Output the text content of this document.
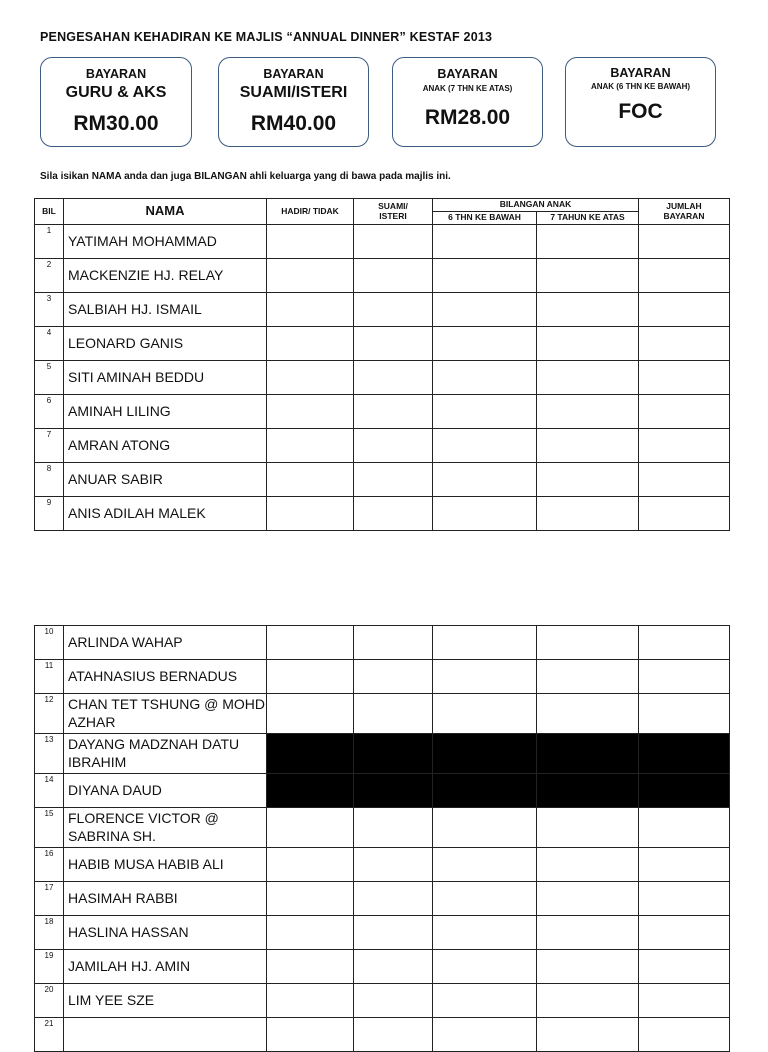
PENGESAHAN KEHADIRAN KE MAJLIS “ANNUAL DINNER” KESTAF 2013
BAYARAN
GURU & AKS
RM30.00
BAYARAN
SUAMI/ISTERI
RM40.00
BAYARAN
ANAK (7 THN KE ATAS)
RM28.00
BAYARAN
ANAK (6 THN KE BAWAH)
FOC
Sila isikan NAMA anda dan juga BILANGAN ahli keluarga yang di bawa pada majlis ini.
BIL	NAMA	HADIR/ TIDAK	SUAMI/ ISTERI	BILANGAN ANAK		JUMLAH BAYARAN
				6 THN KE BAWAH	7 TAHUN KE ATAS	
1	YATIMAH MOHAMMAD					
2	MACKENZIE HJ. RELAY					
3	SALBIAH HJ. ISMAIL					
4	LEONARD GANIS					
5	SITI AMINAH BEDDU					
6	AMINAH LILING					
7	AMRAN ATONG					
8	ANUAR SABIR					
9	ANIS ADILAH MALEK					
10	ARLINDA WAHAP					
11	ATAHNASIUS BERNADUS					
12	CHAN TET TSHUNG @ MOHD AZHAR					
13	DAYANG MADZNAH DATU IBRAHIM					
14	DIYANA DAUD					
15	FLORENCE VICTOR @ SABRINA SH.					
16	HABIB MUSA HABIB ALI					
17	HASIMAH RABBI					
18	HASLINA HASSAN					
19	JAMILAH HJ. AMIN					
20	LIM YEE SZE					
21						
